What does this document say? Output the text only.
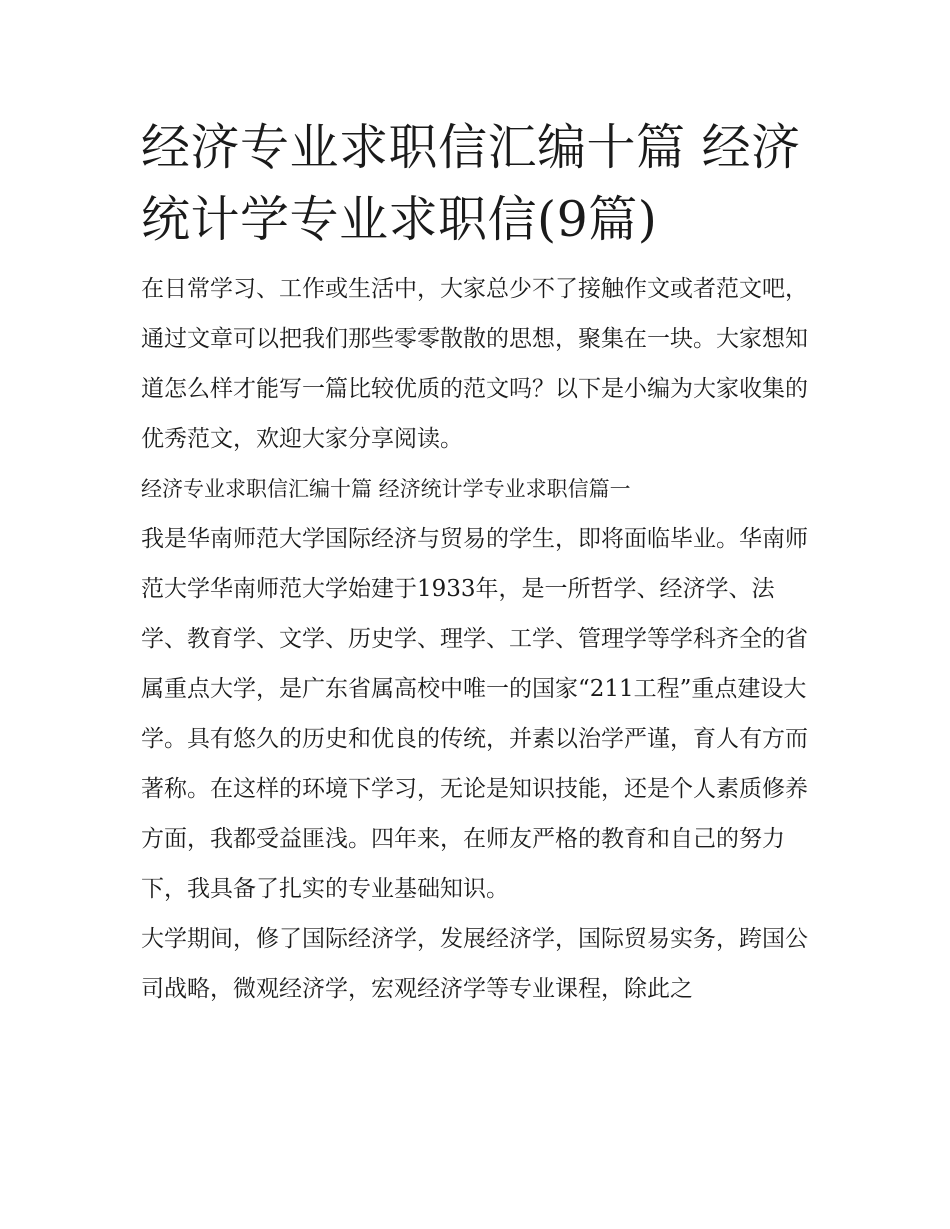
经济专业求职信汇编十篇 经济统计学专业求职信(9篇)

在日常学习、工作或生活中，大家总少不了接触作文或者范文吧，通过文章可以把我们那些零零散散的思想，聚集在一块。大家想知道怎么样才能写一篇比较优质的范文吗？以下是小编为大家收集的优秀范文，欢迎大家分享阅读。

经济专业求职信汇编十篇 经济统计学专业求职信篇一

我是华南师范大学国际经济与贸易的学生，即将面临毕业。华南师范大学华南师范大学始建于1933年，是一所哲学、经济学、法学、教育学、文学、历史学、理学、工学、管理学等学科齐全的省属重点大学，是广东省属高校中唯一的国家“211工程”重点建设大学。具有悠久的历史和优良的传统，并素以治学严谨，育人有方而著称。在这样的环境下学习，无论是知识技能，还是个人素质修养方面，我都受益匪浅。四年来，在师友严格的教育和自己的努力下，我具备了扎实的专业基础知识。

大学期间，修了国际经济学，发展经济学，国际贸易实务，跨国公司战略，微观经济学，宏观经济学等专业课程，除此之
